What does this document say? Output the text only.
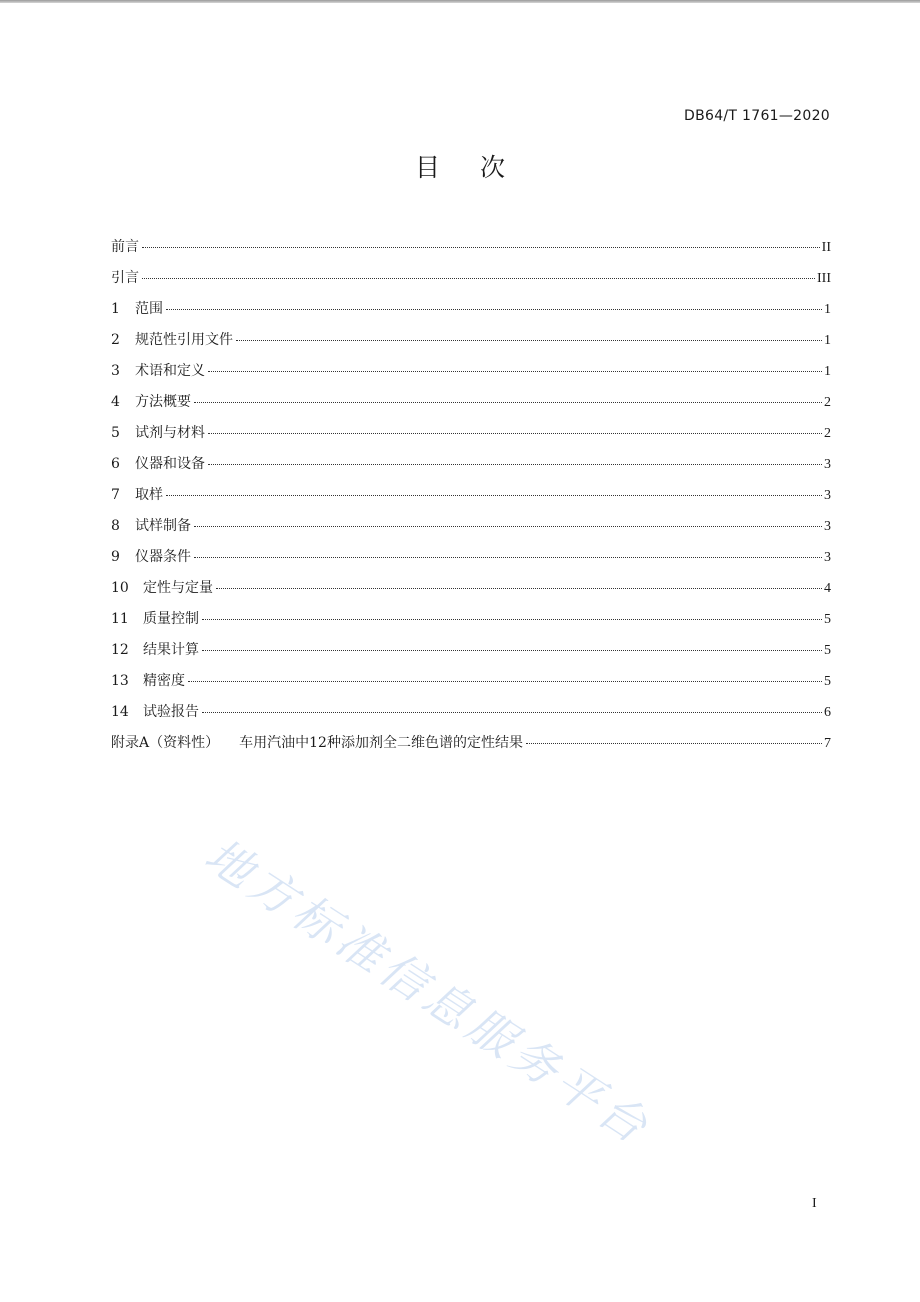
DB64/T 1761—2020
目次
前言	II
引言	III
1	范围	1
2	规范性引用文件	1
3	术语和定义	1
4	方法概要	2
5	试剂与材料	2
6	仪器和设备	3
7	取样	3
8	试样制备	3
9	仪器条件	3
10	定性与定量	4
11	质量控制	5
12	结果计算	5
13	精密度	5
14	试验报告	6
附录A（资料性） 车用汽油中12种添加剂全二维色谱的定性结果	7
地方标准信息服务平台
I
